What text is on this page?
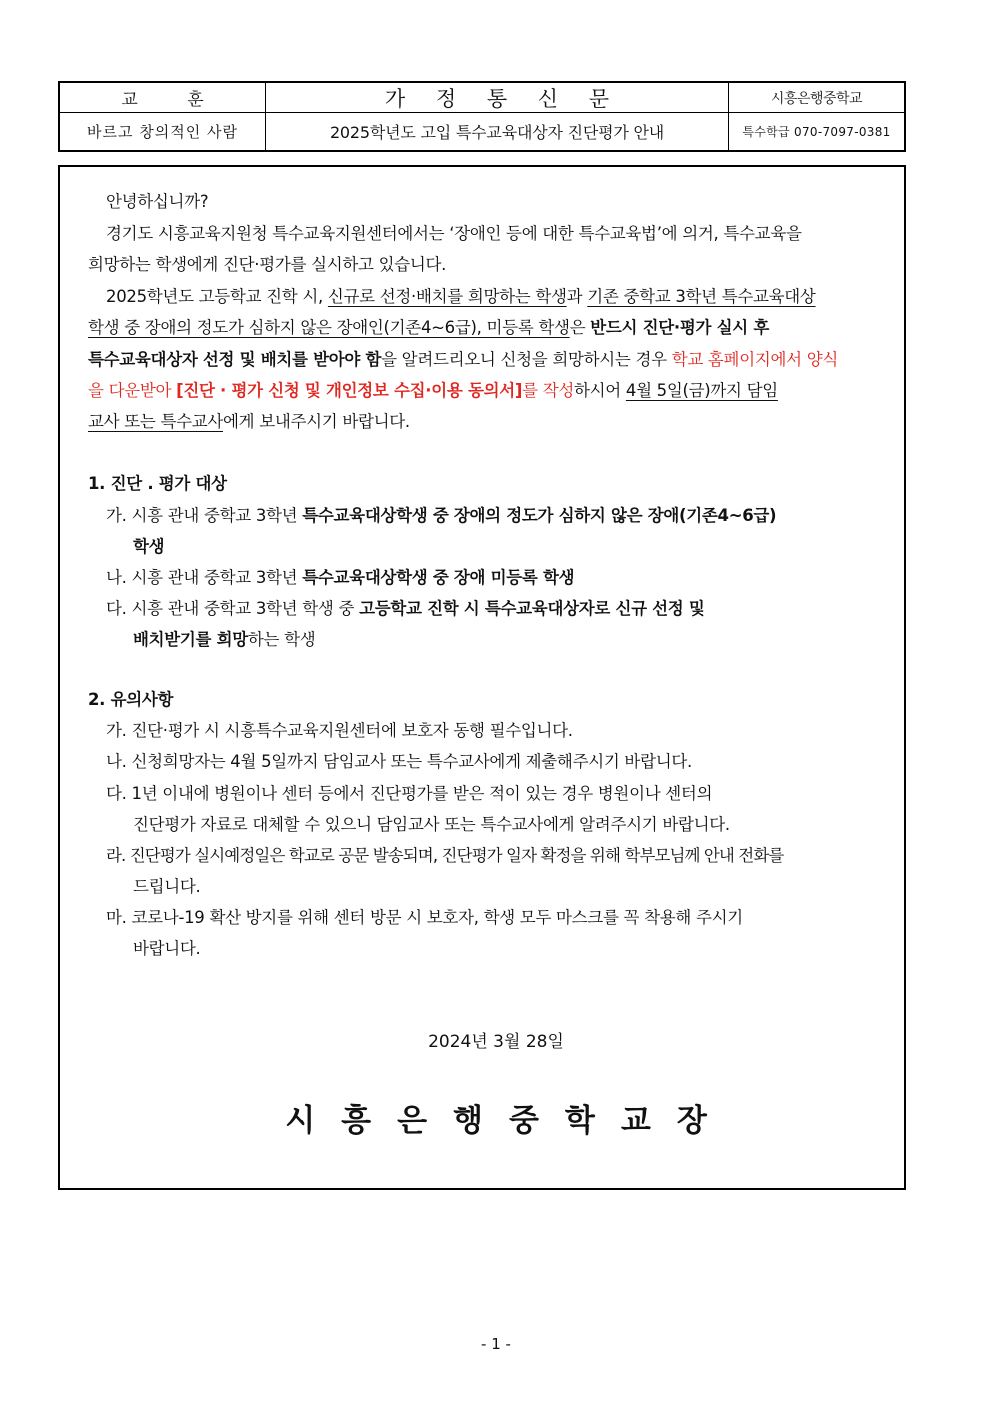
교 훈	가 정 통 신 문	시흥은행중학교
바르고 창의적인 사람	2025학년도 고입 특수교육대상자 진단평가 안내	특수학급 070-7097-0381
안녕하십니까?
경기도 시흥교육지원청 특수교육지원센터에서는 ‘장애인 등에 대한 특수교육법’에 의거, 특수교육을
희망하는 학생에게 진단·평가를 실시하고 있습니다.
2025학년도 고등학교 진학 시, 신규로 선정·배치를 희망하는 학생과 기존 중학교 3학년 특수교육대상
학생 중 장애의 정도가 심하지 않은 장애인(기존4~6급), 미등록 학생은 반드시 진단·평가 실시 후
특수교육대상자 선정 및 배치를 받아야 함을 알려드리오니 신청을 희망하시는 경우 학교 홈페이지에서 양식
을 다운받아 [진단 · 평가 신청 및 개인정보 수집·이용 동의서]를 작성하시어 4월 5일(금)까지 담임
교사 또는 특수교사에게 보내주시기 바랍니다.
1. 진단 . 평가 대상
가. 시흥 관내 중학교 3학년 특수교육대상학생 중 장애의 정도가 심하지 않은 장애(기존4~6급)
학생
나. 시흥 관내 중학교 3학년 특수교육대상학생 중 장애 미등록 학생
다. 시흥 관내 중학교 3학년 학생 중 고등학교 진학 시 특수교육대상자로 신규 선정 및
배치받기를 희망하는 학생
2. 유의사항
가. 진단·평가 시 시흥특수교육지원센터에 보호자 동행 필수입니다.
나. 신청희망자는 4월 5일까지 담임교사 또는 특수교사에게 제출해주시기 바랍니다.
다. 1년 이내에 병원이나 센터 등에서 진단평가를 받은 적이 있는 경우 병원이나 센터의
진단평가 자료로 대체할 수 있으니 담임교사 또는 특수교사에게 알려주시기 바랍니다.
라. 진단평가 실시예정일은 학교로 공문 발송되며, 진단평가 일자 확정을 위해 학부모님께 안내 전화를
드립니다.
마. 코로나-19 확산 방지를 위해 센터 방문 시 보호자, 학생 모두 마스크를 꼭 착용해 주시기
바랍니다.
2024년 3월 28일
시흥은행중학교장
- 1 -
